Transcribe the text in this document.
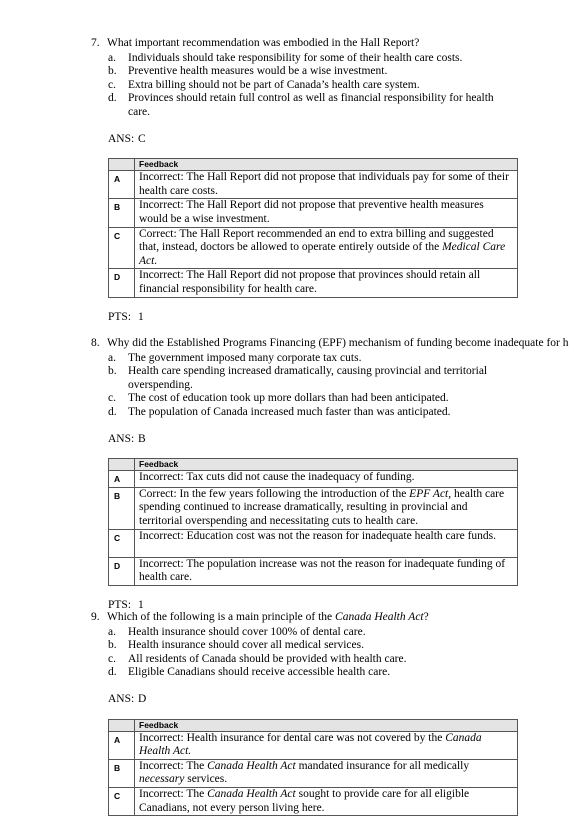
7. What important recommendation was embodied in the Hall Report?
a.	Individuals should take responsibility for some of their health care costs.
b. Preventive health measures would be a wise investment.
c.	Extra billing should not be part of Canada’s health care system.
d. Provinces should retain full control as well as financial responsibility for health care.
ANS: C
	Feedback
A	Incorrect: The Hall Report did not propose that individuals pay for some of their health care costs.
B	Incorrect: The Hall Report did not propose that preventive health measures would be a wise investment.
C	Correct: The Hall Report recommended an end to extra billing and suggested that, instead, doctors be allowed to operate entirely outside of the Medical Care Act.
D	Incorrect: The Hall Report did not propose that provinces should retain all financial responsibility for health care.
PTS: 1
8. Why did the Established Programs Financing (EPF) mechanism of funding become inadequate for h
a.	The government imposed many corporate tax cuts.
b. Health care spending increased dramatically, causing provincial and territorial overspending.
c.	The cost of education took up more dollars than had been anticipated.
d. The population of Canada increased much faster than was anticipated.
ANS: B
	Feedback
A	Incorrect: Tax cuts did not cause the inadequacy of funding.
B	Correct: In the few years following the introduction of the EPF Act, health care spending continued to increase dramatically, resulting in provincial and territorial overspending and necessitating cuts to health care.
C	Incorrect: Education cost was not the reason for inadequate health care funds.
D	Incorrect: The population increase was not the reason for inadequate funding of health care.
PTS: 1
9. Which of the following is a main principle of the Canada Health Act?
a.	Health insurance should cover 100% of dental care.
b. Health insurance should cover all medical services.
c.	All residents of Canada should be provided with health care.
d. Eligible Canadians should receive accessible health care.
ANS: D
	Feedback
A	Incorrect: Health insurance for dental care was not covered by the Canada Health Act.
B	Incorrect: The Canada Health Act mandated insurance for all medically necessary services.
C	Incorrect: The Canada Health Act sought to provide care for all eligible Canadians, not every person living here.
